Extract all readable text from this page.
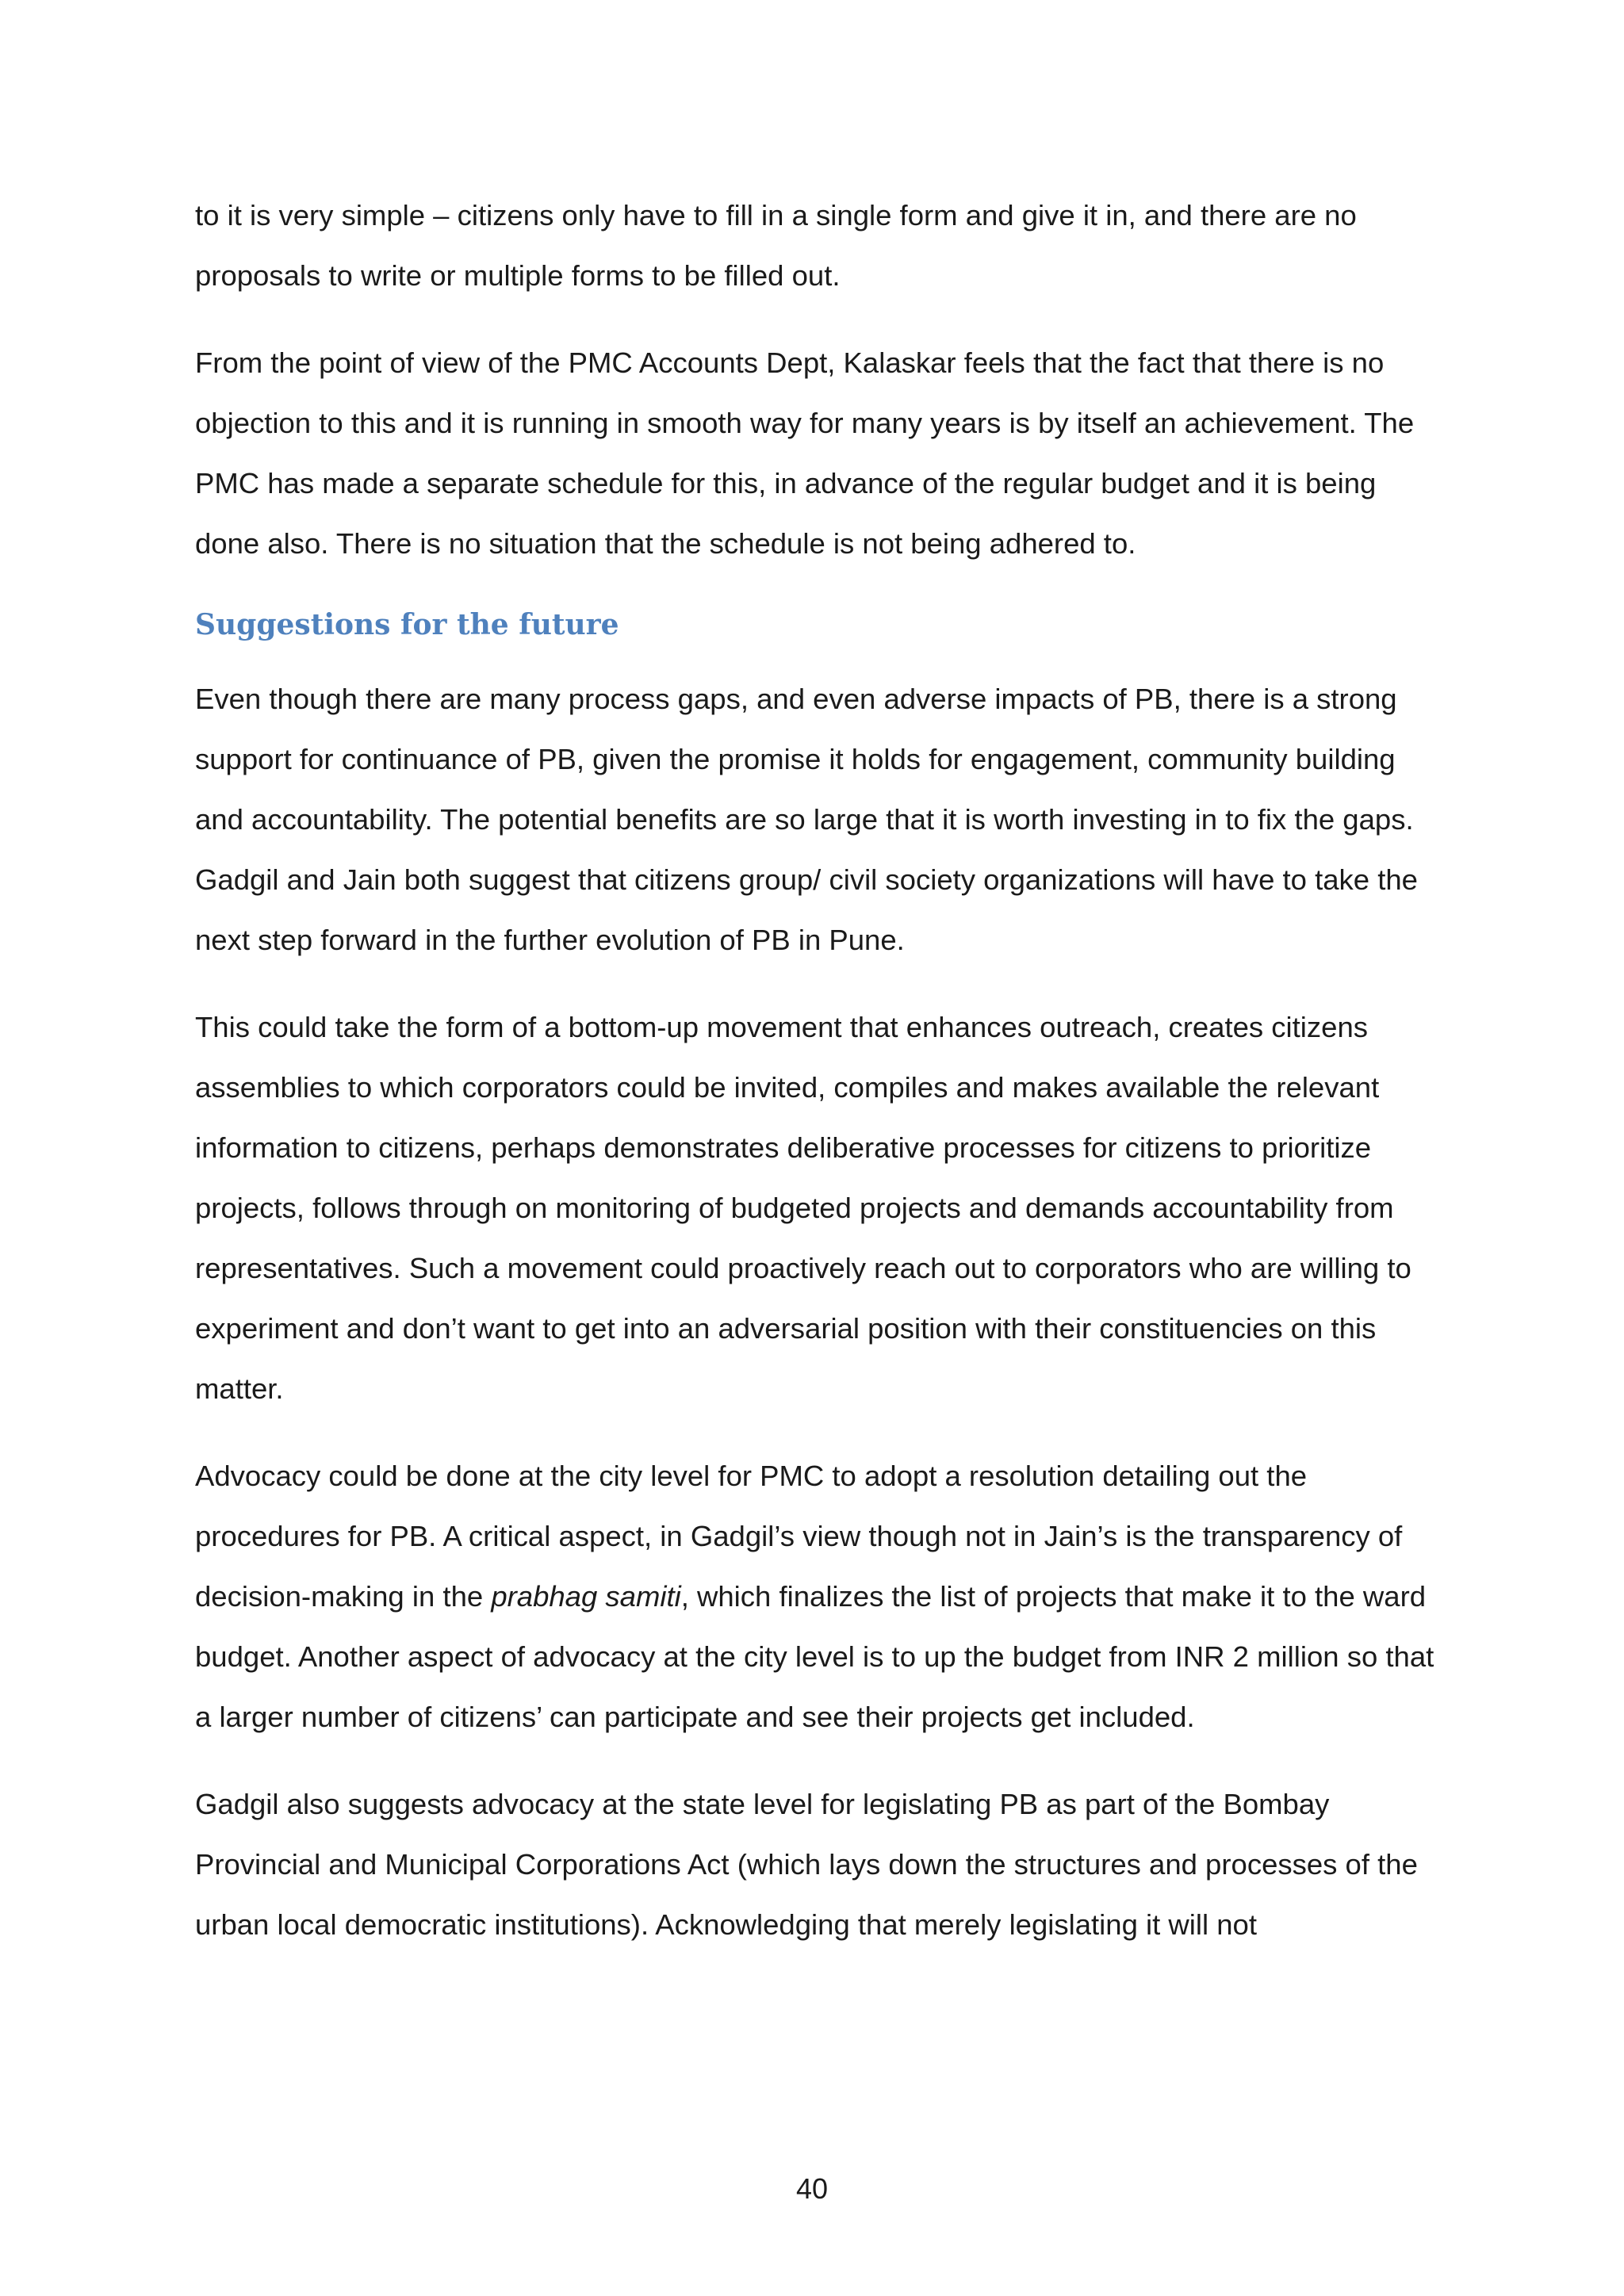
to it is very simple – citizens only have to fill in a single form and give it in, and there are no proposals to write or multiple forms to be filled out.

From the point of view of the PMC Accounts Dept, Kalaskar feels that the fact that there is no objection to this and it is running in smooth way for many years is by itself an achievement. The PMC has made a separate schedule for this, in advance of the regular budget and it is being done also. There is no situation that the schedule is not being adhered to.

Suggestions for the future

Even though there are many process gaps, and even adverse impacts of PB, there is a strong support for continuance of PB, given the promise it holds for engagement, community building and accountability. The potential benefits are so large that it is worth investing in to fix the gaps. Gadgil and Jain both suggest that citizens group/ civil society organizations will have to take the next step forward in the further evolution of PB in Pune.

This could take the form of a bottom-up movement that enhances outreach, creates citizens assemblies to which corporators could be invited, compiles and makes available the relevant information to citizens, perhaps demonstrates deliberative processes for citizens to prioritize projects, follows through on monitoring of budgeted projects and demands accountability from representatives. Such a movement could proactively reach out to corporators who are willing to experiment and don’t want to get into an adversarial position with their constituencies on this matter.

Advocacy could be done at the city level for PMC to adopt a resolution detailing out the procedures for PB. A critical aspect, in Gadgil’s view though not in Jain’s is the transparency of decision-making in the prabhag samiti, which finalizes the list of projects that make it to the ward budget. Another aspect of advocacy at the city level is to up the budget from INR 2 million so that a larger number of citizens’ can participate and see their projects get included.

Gadgil also suggests advocacy at the state level for legislating PB as part of the Bombay Provincial and Municipal Corporations Act (which lays down the structures and processes of the urban local democratic institutions). Acknowledging that merely legislating it will not

40
